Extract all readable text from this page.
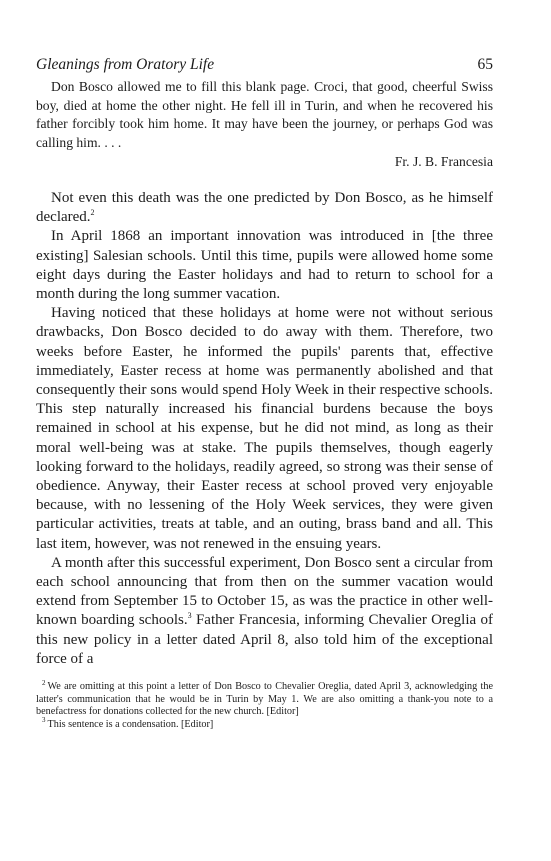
Gleanings from Oratory Life	65

Don Bosco allowed me to fill this blank page. Croci, that good, cheerful Swiss boy, died at home the other night. He fell ill in Turin, and when he recovered his father forcibly took him home. It may have been the journey, or perhaps God was calling him. . . .

Fr. J. B. Francesia

Not even this death was the one predicted by Don Bosco, as he himself declared.$^2$

In April 1868 an important innovation was introduced in [the three existing] Salesian schools. Until this time, pupils were allowed home some eight days during the Easter holidays and had to return to school for a month during the long summer vacation.

Having noticed that these holidays at home were not without serious drawbacks, Don Bosco decided to do away with them. Therefore, two weeks before Easter, he informed the pupils' parents that, effective immediately, Easter recess at home was permanently abolished and that consequently their sons would spend Holy Week in their respective schools. This step naturally increased his financial burdens because the boys remained in school at his expense, but he did not mind, as long as their moral well-being was at stake. The pupils themselves, though eagerly looking forward to the holidays, readily agreed, so strong was their sense of obedience. Anyway, their Easter recess at school proved very enjoyable because, with no lessening of the Holy Week services, they were given particular activities, treats at table, and an outing, brass band and all. This last item, however, was not renewed in the ensuing years.

A month after this successful experiment, Don Bosco sent a circular from each school announcing that from then on the summer vacation would extend from September 15 to October 15, as was the practice in other well-known boarding schools.$^3$ Father Francesia, informing Chevalier Oreglia of this new policy in a letter dated April 8, also told him of the exceptional force of a

$^2$ We are omitting at this point a letter of Don Bosco to Chevalier Oreglia, dated April 3, acknowledging the latter's communication that he would be in Turin by May 1. We are also omitting a thank-you note to a benefactress for donations collected for the new church. [Editor]

$^3$ This sentence is a condensation. [Editor]
